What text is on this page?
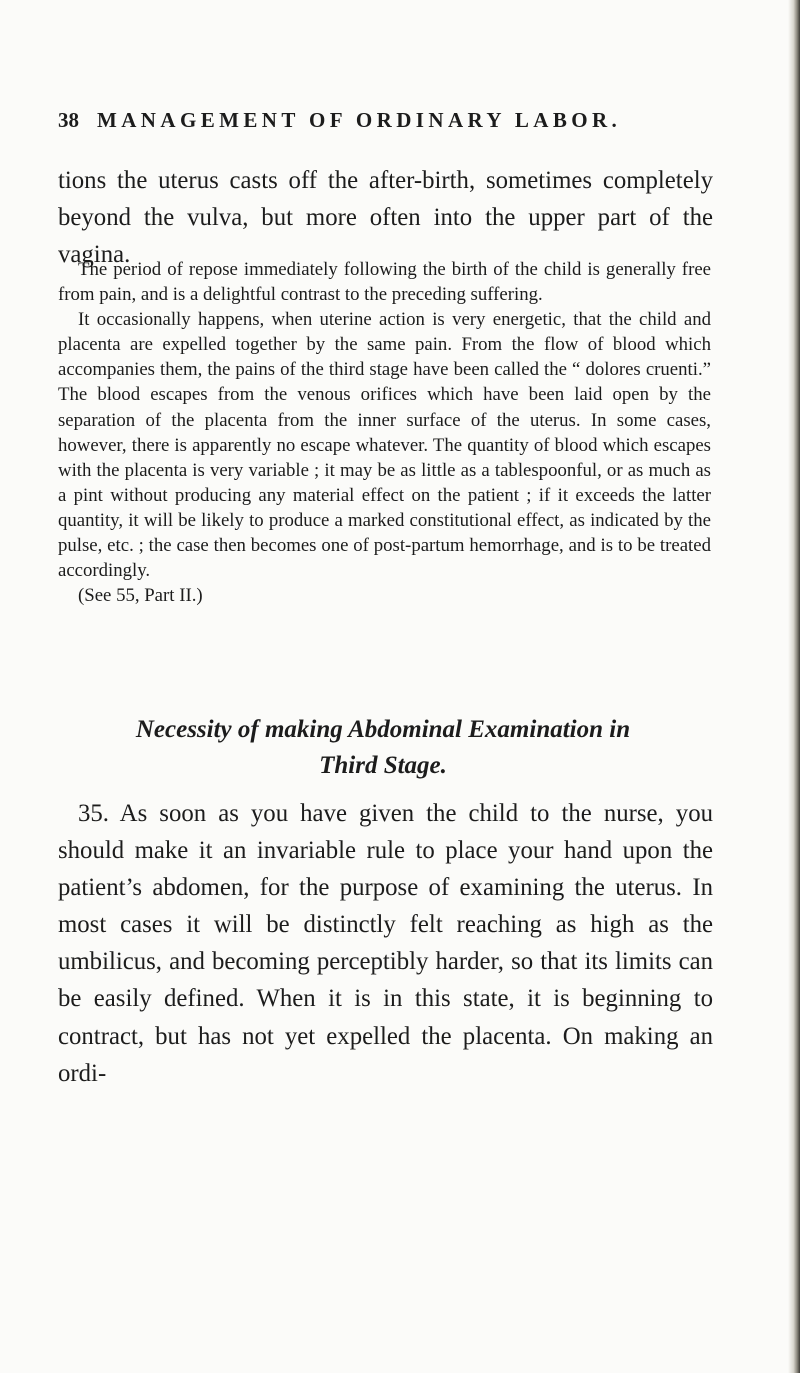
38 MANAGEMENT OF ORDINARY LABOR.

tions the uterus casts off the after-birth, sometimes completely beyond the vulva, but more often into the upper part of the vagina.

The period of repose immediately following the birth of the child is generally free from pain, and is a delightful contrast to the preceding suffering.

It occasionally happens, when uterine action is very energetic, that the child and placenta are expelled together by the same pain. From the flow of blood which accompanies them, the pains of the third stage have been called the “ dolores cruenti.” The blood escapes from the venous orifices which have been laid open by the separation of the placenta from the inner surface of the uterus. In some cases, however, there is apparently no escape whatever. The quantity of blood which escapes with the placenta is very variable ; it may be as little as a tablespoonful, or as much as a pint without producing any material effect on the patient ; if it exceeds the latter quantity, it will be likely to produce a marked constitutional effect, as indicated by the pulse, etc. ; the case then becomes one of post-partum hemorrhage, and is to be treated accordingly.

(See 55, Part II.)

Necessity of making Abdominal Examination in
Third Stage.

35. As soon as you have given the child to the nurse, you should make it an invariable rule to place your hand upon the patient’s abdomen, for the purpose of examining the uterus. In most cases it will be distinctly felt reaching as high as the umbilicus, and becoming perceptibly harder, so that its limits can be easily defined. When it is in this state, it is beginning to contract, but has not yet expelled the placenta. On making an ordi-
